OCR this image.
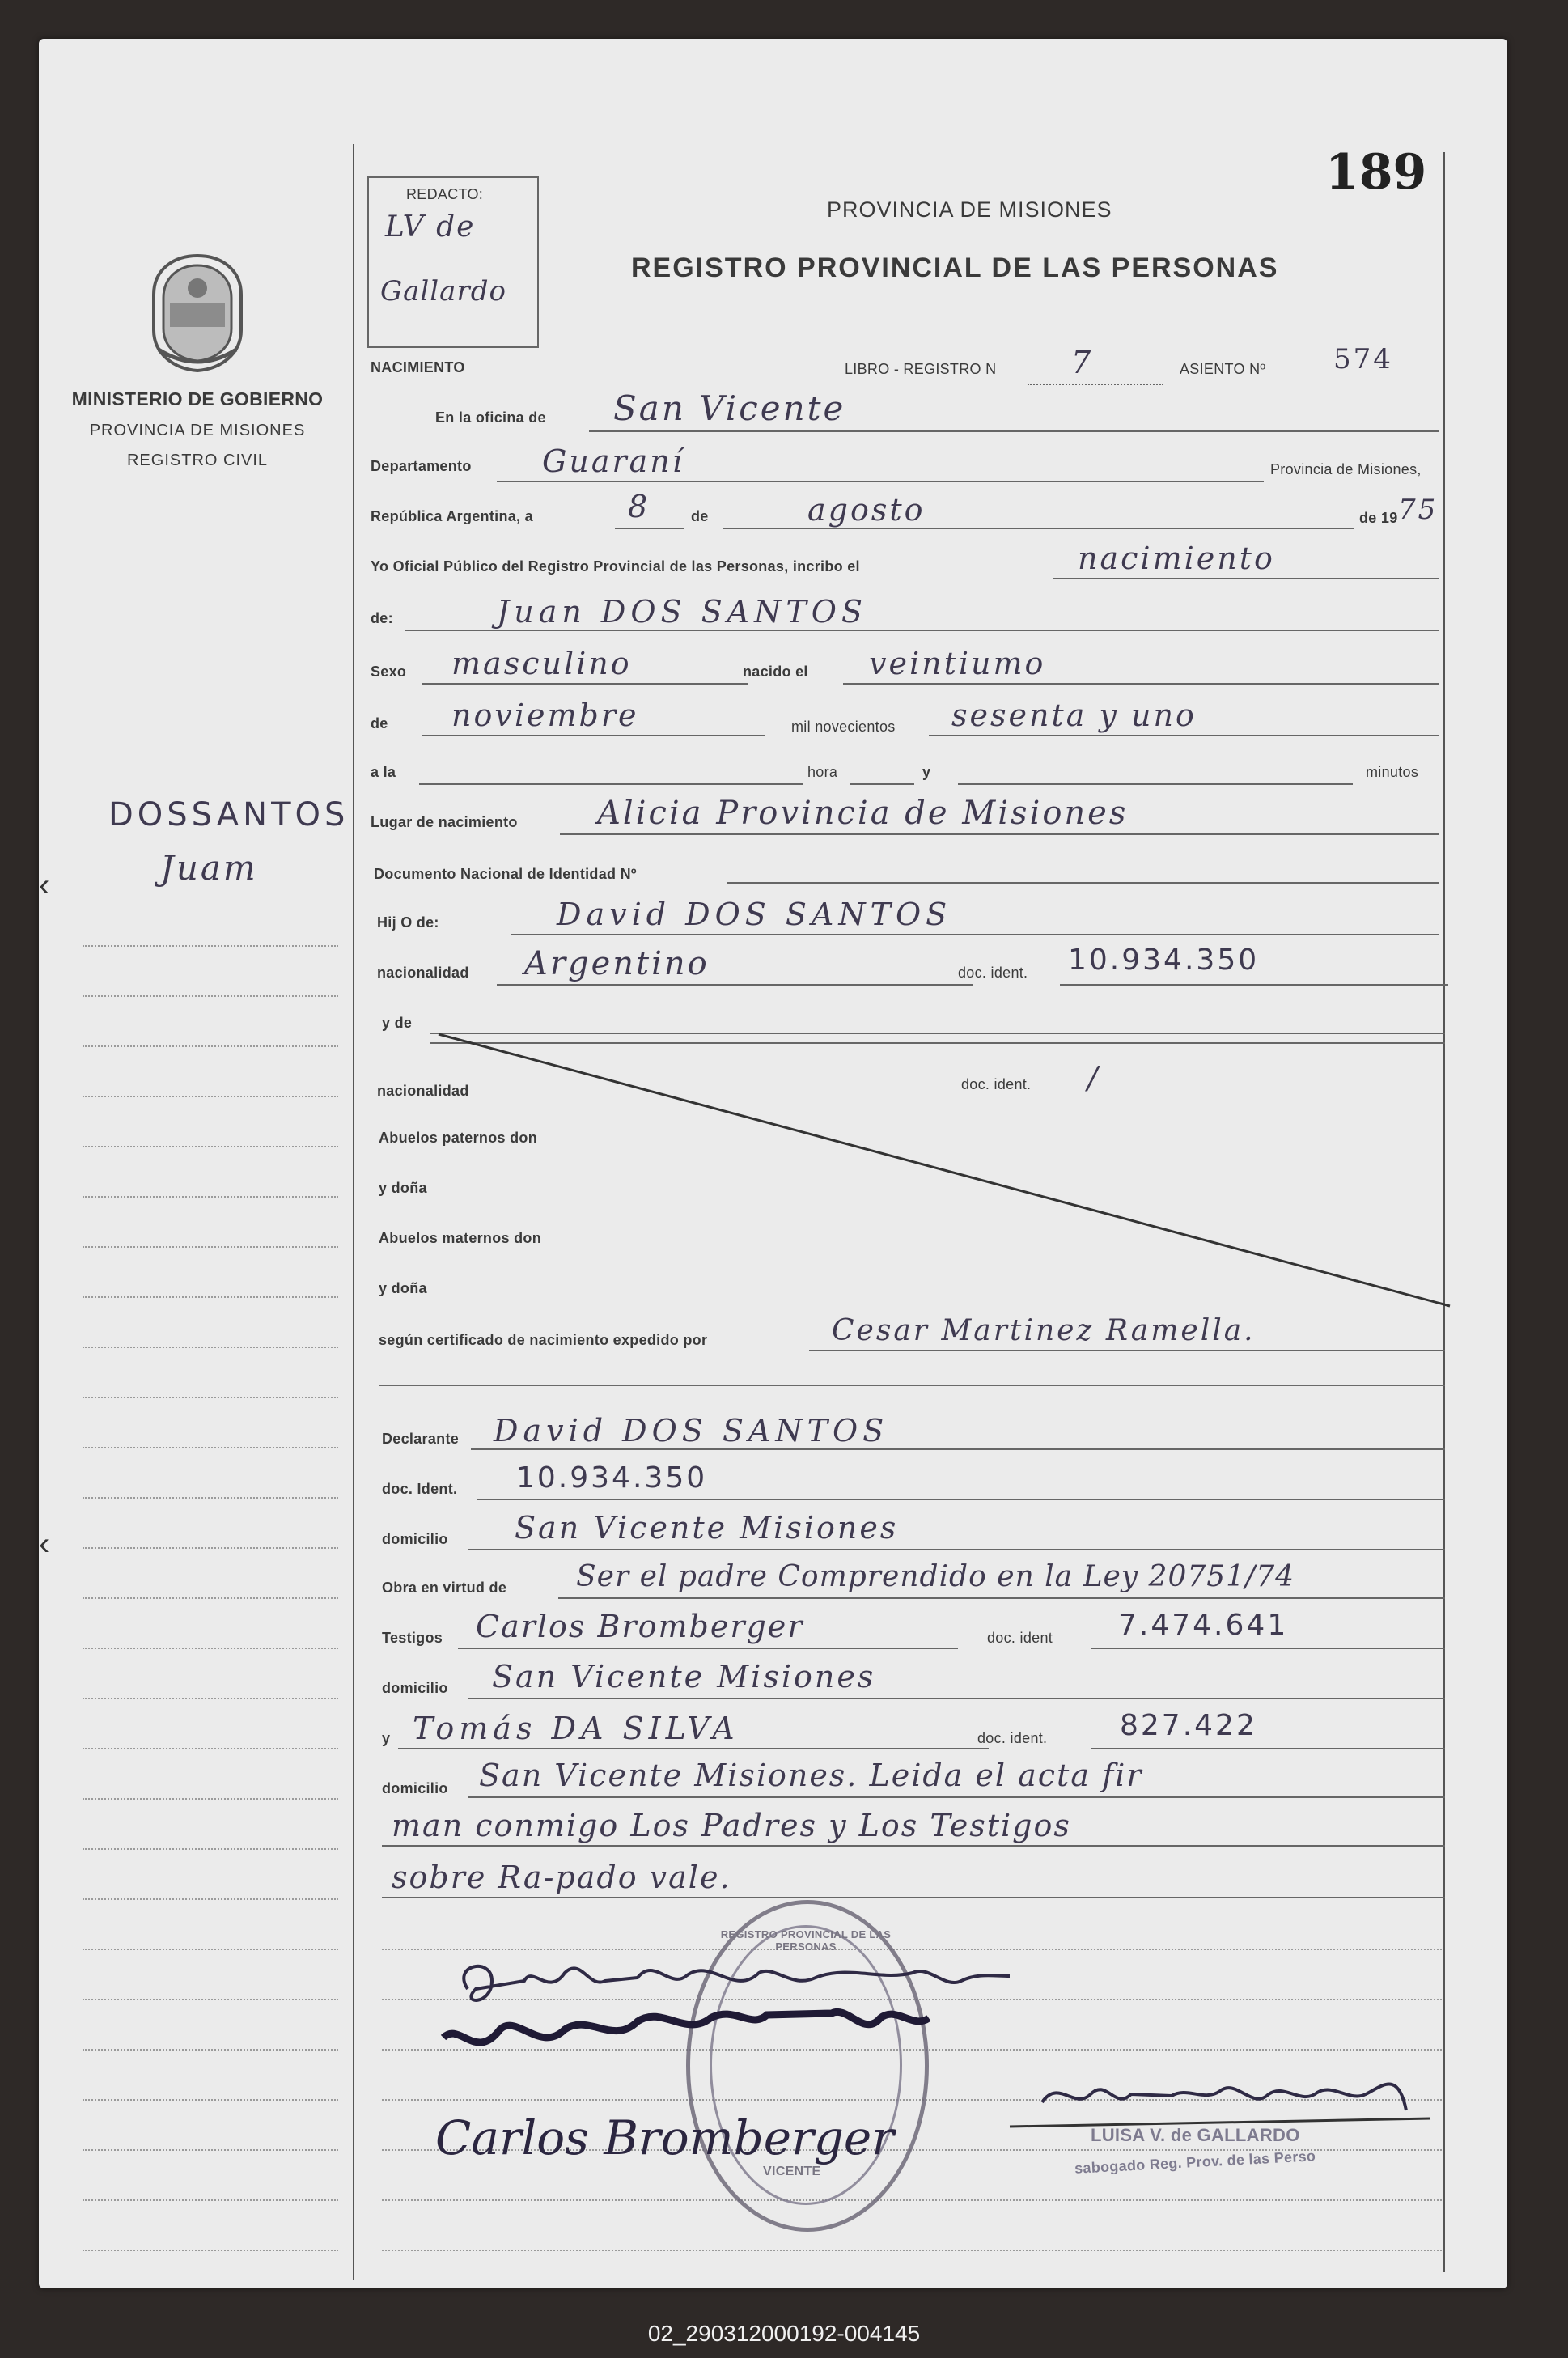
189
REDACTO:
LV de
Gallardo
PROVINCIA DE MISIONES
REGISTRO PROVINCIAL DE LAS PERSONAS
MINISTERIO DE GOBIERNO
PROVINCIA DE MISIONES
REGISTRO CIVIL
DOSSANTOS
Juam
‹
‹
NACIMIENTO	LIBRO - REGISTRO N 7	ASIENTO Nº 574
En la oficina de San Vicente
Departamento Guaraní	Provincia de Misiones,
República Argentina, a	8	de	agosto	de 19 75
Yo Oficial Público del Registro Provincial de las Personas, incribo el	nacimiento
de:	Juan DOS SANTOS
Sexo masculino	nacido el veintiumo
de noviembre	mil novecientos sesenta y uno
a la	hora	y	minutos
Lugar de nacimiento Alicia Provincia de Misiones
Documento Nacional de Identidad Nº
Hij O de:	David DOS SANTOS
nacionalidad Argentino	doc. ident. 10.934.350
y de
nacionalidad	doc. ident. /
Abuelos paternos don
y doña
Abuelos maternos don
y doña
según certificado de nacimiento expedido por	Cesar Martinez Ramella.
Declarante David DOS SANTOS
doc. Ident. 10.934.350
domicilio San Vicente Misiones
Obra en virtud de Ser el padre Comprendido en la Ley 20751/74
Testigos Carlos Bromberger	doc. ident 7.474.641
domicilio San Vicente Misiones
y Tomás DA SILVA	doc. ident. 827.422
domicilio San Vicente Misiones. Leida el acta fir
man conmigo Los Padres y Los Testigos
sobre Ra-pado vale.
REGISTRO PROVINCIAL DE LAS PERSONAS
VICENTE
Carlos Bromberger	LUISA V. de GALLARDO
sabogado Reg. Prov. de las Perso
02_290312000192-004145
